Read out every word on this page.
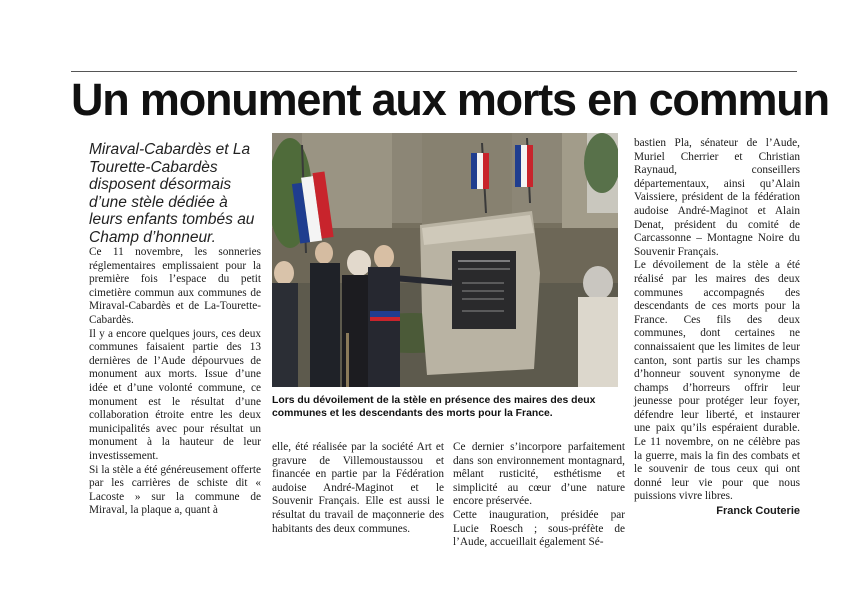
Un monument aux morts en commun

Miraval-Cabardès et La Tourette-Cabardès disposent désormais d’une stèle dédiée à leurs enfants tombés au Champ d’honneur.

Ce 11 novembre, les sonneries réglementaires emplissaient pour la première fois l’espace du petit cimetière commun aux communes de Miraval-Cabardès et de La-Tourette-Cabardès.

Il y a encore quelques jours, ces deux communes faisaient partie des 13 dernières de l’Aude dépourvues de monument aux morts. Issue d’une idée et d’une volonté commune, ce monument est le résultat d’une collaboration étroite entre les deux municipalités avec pour résultat un monument à la hauteur de leur investissement.

Si la stèle a été généreusement offerte par les carrières de schiste dit « Lacoste » sur la commune de Miraval, la plaque a, quant à

Lors du dévoilement de la stèle en présence des maires des deux communes et les descendants des morts pour la France.

elle, été réalisée par la société Art et gravure de Villemoustaussou et financée en partie par la Fédération audoise André-Maginot et le Souvenir Français. Elle est aussi le résultat du travail de maçonnerie des habitants des deux communes.

Ce dernier s’incorpore parfaitement dans son environnement montagnard, mêlant rusticité, esthétisme et simplicité au cœur d’une nature encore préservée.

Cette inauguration, présidée par Lucie Roesch ; sous-préfète de l’Aude, accueillait également Sé-

bastien Pla, sénateur de l’Aude, Muriel Cherrier et Christian Raynaud, conseillers départementaux, ainsi qu’Alain Vaissiere, président de la fédération audoise André-Maginot et Alain Denat, président du comité de Carcassonne – Montagne Noire du Souvenir Français.

Le dévoilement de la stèle a été réalisé par les maires des deux communes accompagnés des descendants de ces morts pour la France. Ces fils des deux communes, dont certaines ne connaissaient que les limites de leur canton, sont partis sur les champs d’honneur souvent synonyme de champs d’horreurs offrir leur jeunesse pour protéger leur foyer, défendre leur liberté, et instaurer une paix qu’ils espéraient durable. Le 11 novembre, on ne célèbre pas la guerre, mais la fin des combats et le souvenir de tous ceux qui ont donné leur vie pour que nous puissions vivre libres.

Franck Couterie
